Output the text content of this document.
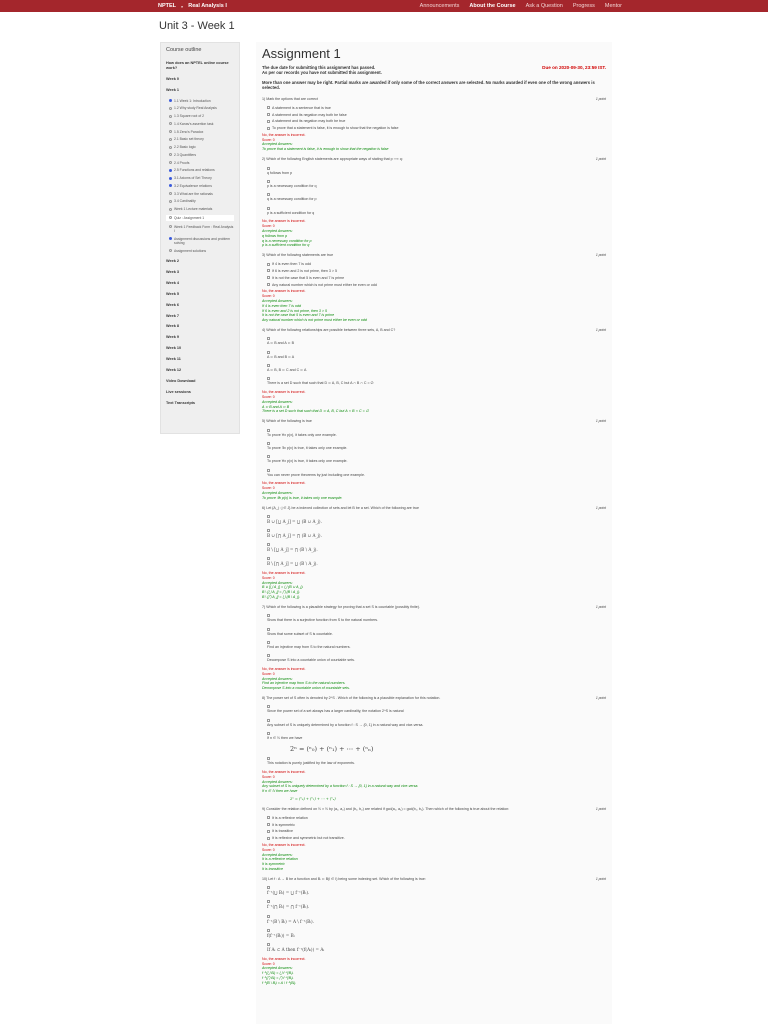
NPTEL » Real Analysis I	Announcements About the Course Ask a Question Progress Mentor
Unit 3 - Week 1
Course outline
How does an NPTEL online course work?
Week 0
Week 1
1.1 Week 1: Introduction
1.2 Why study Real Analysis
1.3 Square root of 2
1.4 Kanav's assertion task
1.5 Zeno's Paradox
2.1 Basic set theory
2.2 Basic logic
2.3 Quantifiers
2.4 Proofs
2.5 Functions and relations
3.1 Axioms of Set Theory
3.2 Equivalence relations
3.3 What are the rationals
3.4 Cardinality
Week 1 Lecture materials
Quiz : Assignment 1
Week 1 Feedback Form : Real Analysis I
Assignment discussions and problem solving
Assignment solutions
Week 2
Week 3
Week 4
Week 5
Week 6
Week 7
Week 8
Week 9
Week 10
Week 11
Week 12
Video Download
Live sessions
Text Transcripts
Assignment 1
The due date for submitting this assignment has passed.
As per our records you have not submitted this assignment.
Due on 2020-09-30, 23:59 IST.
More than one answer may be right. Partial marks are awarded if only some of the correct answers are selected. No marks awarded if even one of the wrong answers is selected.
1) Mark the options that are correct	1 point
A statement is a sentence that is true
A statement and its negation may both be false
A statement and its negation may both be true
To prove that a statement is false, it is enough to show that the negation is false
No, the answer is incorrect.
Score: 0
Accepted Answers:
To prove that a statement is false, it is enough to show that the negation is false
2) Which of the following English statements are appropriate ways of stating that p ⟹ q:	1 point
q follows from p
p is a necessary condition for q
q is a necessary condition for p
p is a sufficient condition for q
No, the answer is incorrect.
Score: 0
Accepted Answers:
q follows from p
q is a necessary condition for p
p is a sufficient condition for q
3) Which of the following statements are true	1 point
If 4 is even then 7 is odd
If 6 is even and 2 is not prime, then 3 > 5
It is not the case that 5 is even and 7 is prime
Any natural number which is not prime must either be even or odd
No, the answer is incorrect.
Score: 0
Accepted Answers:
If 4 is even then 7 is odd
If 6 is even and 2 is not prime, then 3 > 5
It is not the case that 5 is even and 7 is prime
Any natural number which is not prime must either be even or odd
4) Which of the following relationships are possible between three sets, A, B and C?	1 point
A ⊂ B and A ⊂ B
A ⊂ B and B ⊂ A
A ⊂ B, B ⊂ C and C ⊂ A
There is a set D such that such that D ⊂ A, B, C but A ∩ B ∩ C = ∅
No, the answer is incorrect.
Score: 0
Accepted Answers:
A ⊂ B and A ⊂ B
There is a set D such that such that D ⊂ A, B, C but A ∩ B ∩ C = ∅
5) Which of the following is true	1 point
To prove ∀x p(x), it takes only one example.
To prove ∃x p(x) is true, it takes only one example.
To prove ∀x p(x) is true, it takes only one example.
You can never prove theorems by just including one example.
No, the answer is incorrect.
Score: 0
Accepted Answers:
To prove ∃x p(x) is true, it takes only one example.
6) Let {A_j : j ∈ J} be a indexed collection of sets and let B be a set. Which of the following are true	1 point
B ∪ [⋃ A_j] = ⋃ (B ∪ A_j).
B ∪ [⋂ A_j] = ⋂ (B ∪ A_j).
B \ [⋃ A_j] = ⋂ (B \ A_j).
B \ [⋂ A_j] = ⋃ (B \ A_j).
No, the answer is incorrect.
Score: 0
Accepted Answers:
B ∪ [⋃ A_j] = ⋃ (B ∪ A_j).
B \ [⋃ A_j] = ⋂ (B \ A_j).
B \ [⋂ A_j] = ⋃ (B \ A_j).
7) Which of the following is a plausible strategy for proving that a set S is countable (possibly finite).	1 point
Show that there is a surjective function from S to the natural numbers.
Show that some subset of S is countable.
Find an injective map from S to the natural numbers.
Decompose S into a countable union of countable sets.
No, the answer is incorrect.
Score: 0
Accepted Answers:
Find an injective map from S to the natural numbers.
Decompose S into a countable union of countable sets.
8) The power set of S often is denoted by 2^S . Which of the following is a plausible explanation for this notation.	1 point
Since the power set of a set always has a larger cardinality, the notation 2^S is natural
Any subset of S is uniquely determined by a function f : S → {0, 1} in a natural way and vice-versa.
If n ∈ ℕ then we have
2ⁿ = (ⁿ₀) + (ⁿ₁) + ⋯ + (ⁿₙ)
This notation is purely justified by the law of exponents.
No, the answer is incorrect.
Score: 0
Accepted Answers:
Any subset of S is uniquely determined by a function f : S → {0, 1} in a natural way and vice-versa.
If n ∈ ℕ then we have
2ⁿ = (ⁿ₀) + (ⁿ₁) + ⋯ + (ⁿₙ)
9) Consider the relation defined on ℕ × ℕ by (a₁, a₂) and (b₁, b₂) are related if gcd(a₁, a₂) = gcd(b₁, b₂). Then which of the following is true about the relation:	1 point
It is a reflexive relation
It is symmetric
It is transitive
It is reflexive and symmetric but not transitive.
No, the answer is incorrect.
Score: 0
Accepted Answers:
It is a reflexive relation
It is symmetric
It is transitive
10) Let f : A → B be a function and Bᵢ ⊂ B(i ∈ I) being some indexing set. Which of the following is true:	1 point
f⁻¹(⋃ Bᵢ) = ⋃ f⁻¹(Bᵢ).
f⁻¹(⋂ Bᵢ) = ⋂ f⁻¹(Bᵢ).
f⁻¹(B \ Bᵢ) = A \ f⁻¹(Bᵢ).
f(f⁻¹(Bᵢ)) = Bᵢ
If Aᵢ ⊂ A then f⁻¹(f(Aᵢ)) = Aᵢ
No, the answer is incorrect.
Score: 0
Accepted Answers:
f⁻¹(⋃ Bᵢ) = ⋃ f⁻¹(Bᵢ).
f⁻¹(⋂ Bᵢ) = ⋂ f⁻¹(Bᵢ).
f⁻¹(B \ Bᵢ) = A \ f⁻¹(Bᵢ).
